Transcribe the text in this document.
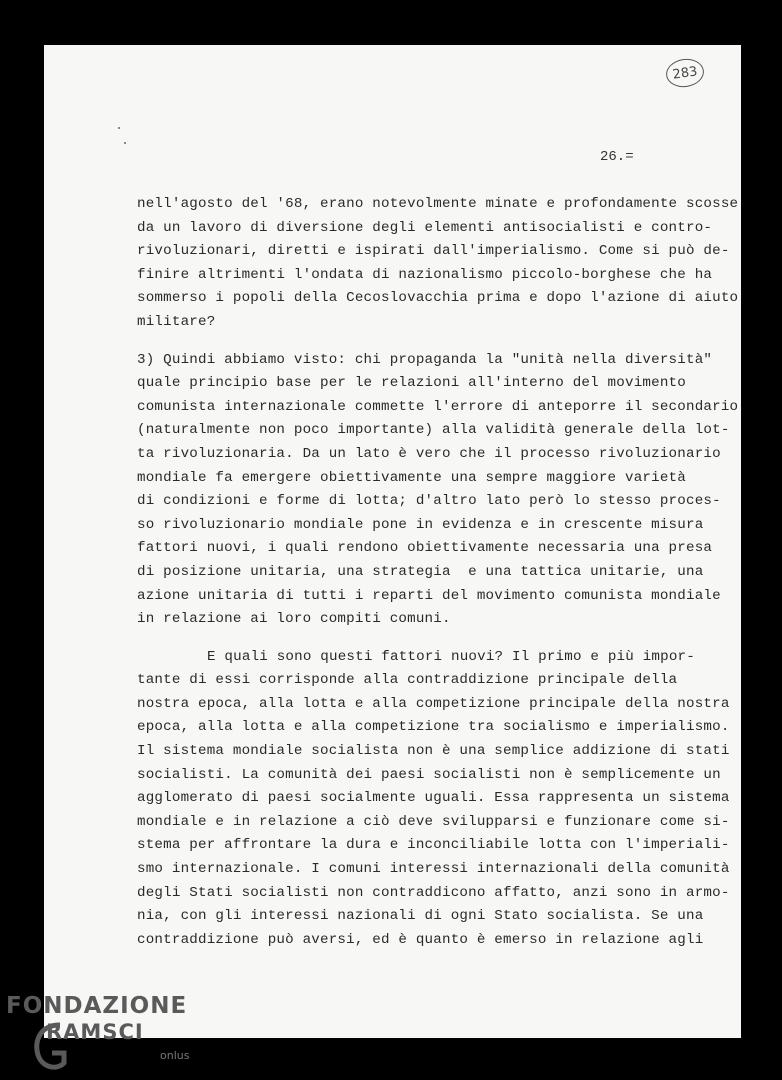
283
26.=
nell'agosto del '68, erano notevolmente minate e profondamente scosse
da un lavoro di diversione degli elementi antisocialisti e contro-
rivoluzionari, diretti e ispirati dall'imperialismo. Come si può de-
finire altrimenti l'ondata di nazionalismo piccolo-borghese che ha
sommerso i popoli della Cecoslovacchia prima e dopo l'azione di aiuto
militare?
3) Quindi abbiamo visto: chi propaganda la "unità nella diversità"
quale principio base per le relazioni all'interno del movimento
comunista internazionale commette l'errore di anteporre il secondario
(naturalmente non poco importante) alla validità generale della lot-
ta rivoluzionaria. Da un lato è vero che il processo rivoluzionario
mondiale fa emergere obiettivamente una sempre maggiore varietà
di condizioni e forme di lotta; d'altro lato però lo stesso proces-
so rivoluzionario mondiale pone in evidenza e in crescente misura
fattori nuovi, i quali rendono obiettivamente necessaria una presa
di posizione unitaria, una strategia  e una tattica unitarie, una
azione unitaria di tutti i reparti del movimento comunista mondiale
in relazione ai loro compiti comuni.
E quali sono questi fattori nuovi? Il primo e più impor-
tante di essi corrisponde alla contraddizione principale della
nostra epoca, alla lotta e alla competizione principale della nostra
epoca, alla lotta e alla competizione tra socialismo e imperialismo.
Il sistema mondiale socialista non è una semplice addizione di stati
socialisti. La comunità dei paesi socialisti non è semplicemente un
agglomerato di paesi socialmente uguali. Essa rappresenta un sistema
mondiale e in relazione a ciò deve svilupparsi e funzionare come si-
stema per affrontare la dura e inconciliabile lotta con l'imperiali-
smo internazionale. I comuni interessi internazionali della comunità
degli Stati socialisti non contraddicono affatto, anzi sono in armo-
nia, con gli interessi nazionali di ogni Stato socialista. Se una
contraddizione può aversi, ed è quanto è emerso in relazione agli
FONDAZIONE
RAMSCI
onlus
